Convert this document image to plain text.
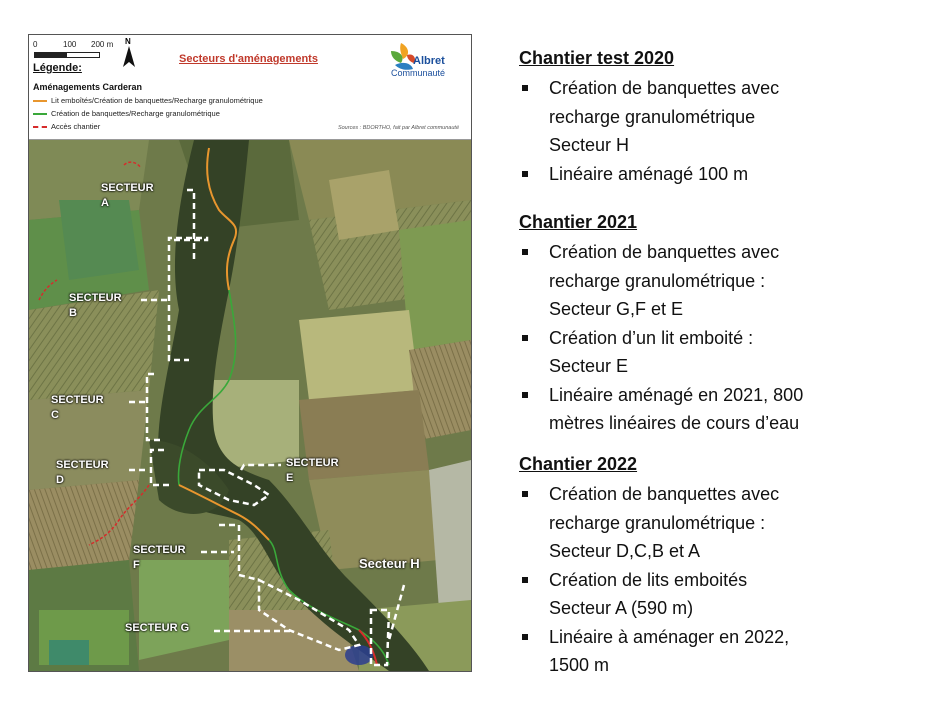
0	100 200 m N
Légende:
Secteurs d'aménagements
Aménagements Carderan
Lit emboîtés/Création de banquettes/Recharge granulométrique
Création de banquettes/Recharge granulométrique
Accès chantier	Sources : BDORTHO, fait par Albret communauté
Albret
Communauté
SECTEUR
A
SECTEUR
B
SECTEUR
C
SECTEUR
D
SECTEUR
E
SECTEUR
F
SECTEUR G
Secteur H
Chantier test 2020
Création de banquettes avec
recharge granulométrique
Secteur H
Linéaire aménagé 100 m
Chantier 2021
Création de banquettes avec
recharge granulométrique :
Secteur G,F et E
Création d’un lit emboité :
Secteur E
Linéaire aménagé en 2021, 800
mètres linéaires de cours d’eau
Chantier 2022
Création de banquettes avec
recharge granulométrique :
Secteur D,C,B et A
Création de lits emboités
Secteur A (590 m)
Linéaire à aménager en 2022,
1500 m
